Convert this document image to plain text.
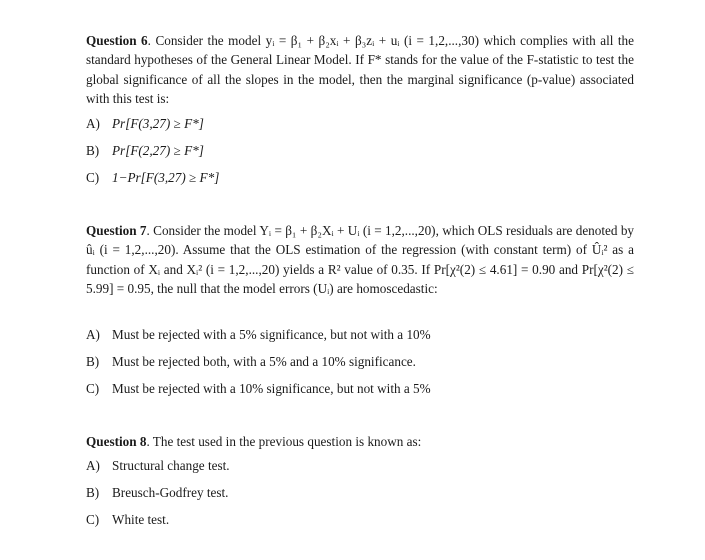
Question 6. Consider the model yᵢ = β₁ + β₂xᵢ + β₃zᵢ + uᵢ (i = 1,2,...,30) which complies with all the standard hypotheses of the General Linear Model. If F* stands for the value of the F-statistic to test the global significance of all the slopes in the model, then the marginal significance (p-value) associated with this test is:
A) Pr[F(3,27) ≥ F*]
B) Pr[F(2,27) ≥ F*]
C) 1−Pr[F(3,27) ≥ F*]
Question 7. Consider the model Yᵢ = β₁ + β₂Xᵢ + Uᵢ (i = 1,2,...,20), which OLS residuals are denoted by ûᵢ (i = 1,2,...,20). Assume that the OLS estimation of the regression (with constant term) of Ûᵢ² as a function of Xᵢ and Xᵢ² (i = 1,2,...,20) yields a R² value of 0.35. If Pr[χ²(2) ≤ 4.61] = 0.90 and Pr[χ²(2) ≤ 5.99] = 0.95, the null that the model errors (Uᵢ) are homoscedastic:
A) Must be rejected with a 5% significance, but not with a 10%
B) Must be rejected both, with a 5% and a 10% significance.
C) Must be rejected with a 10% significance, but not with a 5%
Question 8. The test used in the previous question is known as:
A) Structural change test.
B) Breusch-Godfrey test.
C) White test.
